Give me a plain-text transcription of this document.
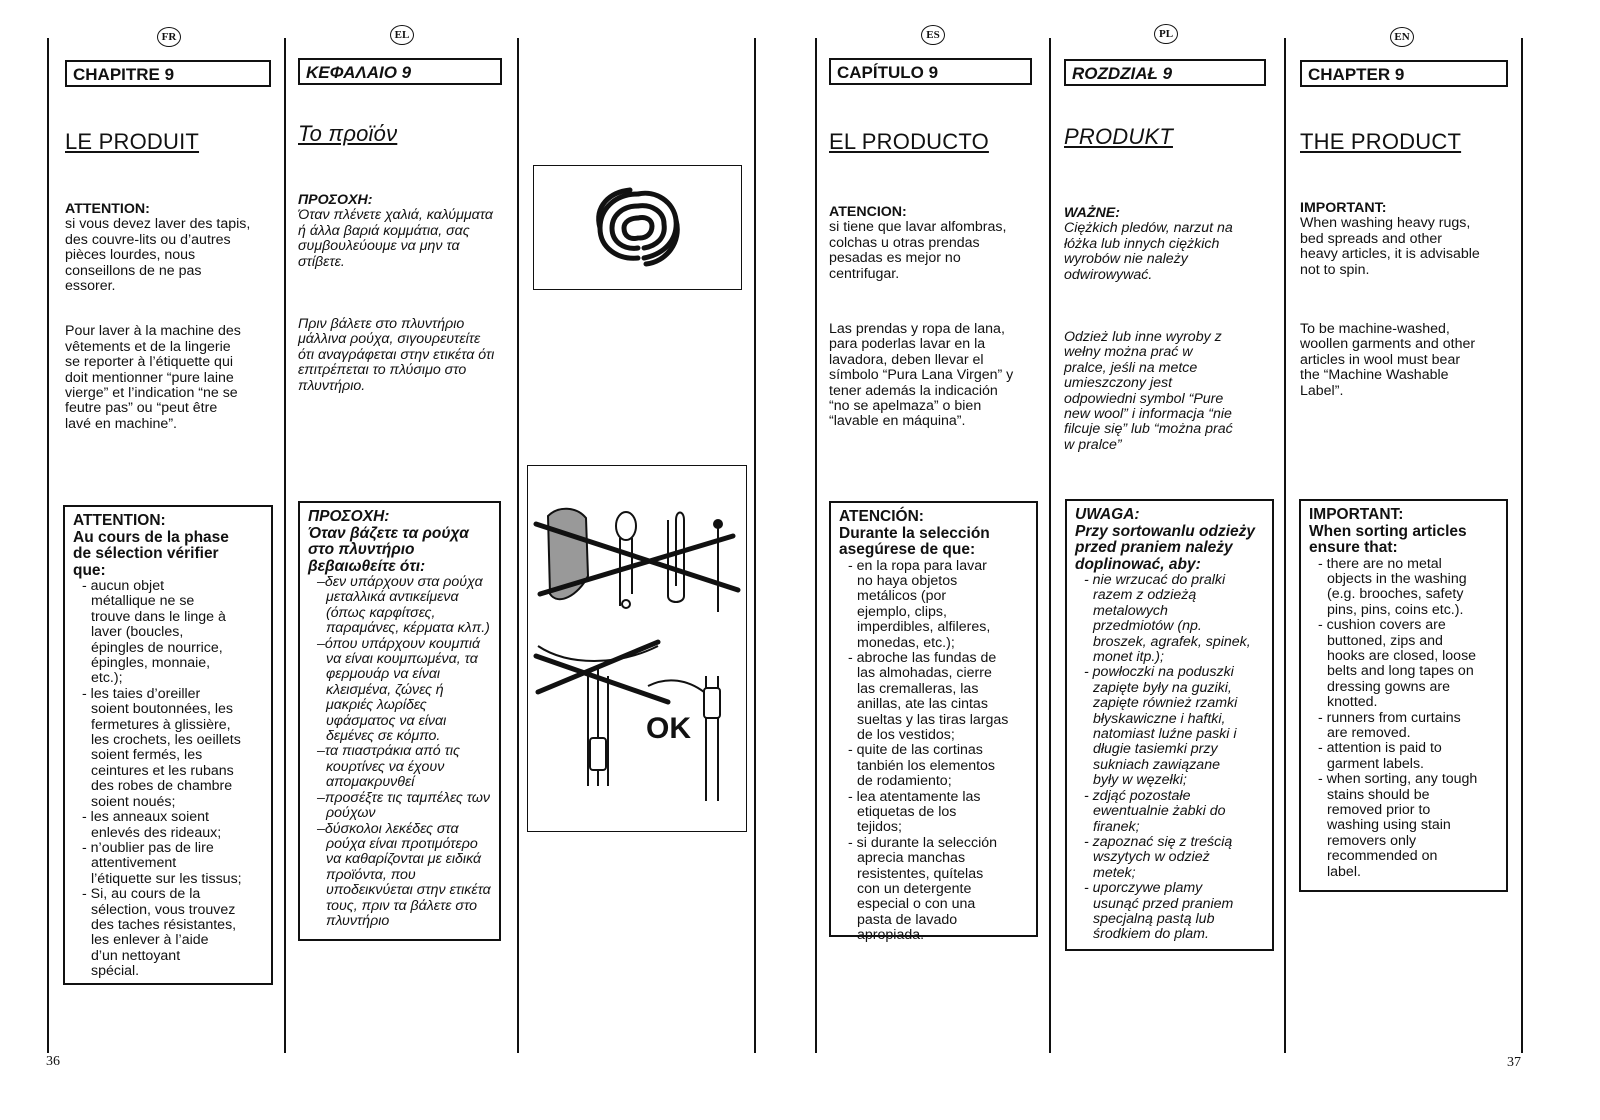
FR	EL	ES	PL	EN
CHAPITRE 9
LE PRODUIT
ATTENTION:
si vous devez laver des tapis,
des couvre-lits ou d’autres
pièces lourdes, nous
conseillons de ne pas
essorer.
Pour laver à la machine des
vêtements et de la lingerie
se reporter à l’étiquette qui
doit mentionner “pure laine
vierge” et l’indication “ne se
feutre pas” ou “peut être
lavé en machine”.
ATTENTION:
Au cours de la phase
de sélection vérifier
que:
- aucun objet
métallique ne se
trouve dans le linge à
laver (boucles,
épingles de nourrice,
épingles, monnaie,
etc.);
- les taies d’oreiller
soient boutonnées, les
fermetures à glissière,
les crochets, les oeillets
soient fermés, les
ceintures et les rubans
des robes de chambre
soient noués;
- les anneaux soient
enlevés des rideaux;
- n’oublier pas de lire
attentivement
l’étiquette sur les tissus;
- Si, au cours de la
sélection, vous trouvez
des taches résistantes,
les enlever à l’aide
d’un nettoyant
spécial.
ΚΕΦΑΛΑΙΟ 9
Το προϊόν
ΠΡΟΣΟΧΗ:
Όταν πλένετε χαλιά, καλύμματα
ή άλλα βαριά κομμάτια, σας
συμβουλεύουμε να μην τα
στίβετε.
Πριν βάλετε στο πλυντήριο
μάλλινα ρούχα, σιγουρευτείτε
ότι αναγράφεται στην ετικέτα ότι
επιτρέπεται το πλύσιμο στο
πλυντήριο.
ΠΡΟΣΟΧΗ:
Όταν βάζετε τα ρούχα
στο πλυντήριο
βεβαιωθείτε ότι:
– δεν υπάρχουν στα ρούχα
μεταλλικά αντικείμενα
(όπως καρφίτσες,
παραμάνες, κέρματα κλπ.)
– όπου υπάρχουν κουμπιά
να είναι κουμπωμένα, τα
φερμουάρ να είναι
κλεισμένα, ζώνες ή
μακριές λωρίδες
υφάσματος να είναι
δεμένες σε κόμπο.
– τα πιαστράκια από τις
κουρτίνες να έχουν
απομακρυνθεί
– προσέξτε τις ταμπέλες των
ρούχων
– δύσκολοι λεκέδες στα
ρούχα είναι προτιμότερο
να καθαρίζονται με ειδικά
προϊόντα, που
υποδεικνύεται στην ετικέτα
τους, πριν τα βάλετε στο
πλυντήριο
OK
CAPÍTULO 9
EL PRODUCTO
ATENCION:
si tiene que lavar alfombras,
colchas u otras prendas
pesadas es mejor no
centrifugar.
Las prendas y ropa de lana,
para poderlas lavar en la
lavadora, deben llevar el
símbolo “Pura Lana Virgen” y
tener además la indicación
“no se apelmaza” o bien
“lavable en máquina”.
ATENCIÓN:
Durante la selección
asegúrese de que:
- en la ropa para lavar
no haya objetos
metálicos (por
ejemplo, clips,
imperdibles, alfileres,
monedas, etc.);
- abroche las fundas de
las almohadas, cierre
las cremalleras, las
anillas, ate las cintas
sueltas y las tiras largas
de los vestidos;
- quite de las cortinas
tanbién los elementos
de rodamiento;
- lea atentamente las
etiquetas de los
tejidos;
- si durante la selección
aprecia manchas
resistentes, quítelas
con un detergente
especial o con una
pasta de lavado
apropiada.
ROZDZIAŁ 9
PRODUKT
WAŻNE:
Ciężkich pledów, narzut na
łóżka lub innych ciężkich
wyrobów nie należy
odwirowywać.
Odzież lub inne wyroby z
wełny można prać w
pralce, jeśli na metce
umieszczony jest
odpowiedni symbol “Pure
new wool” i informacja “nie
filcuje się” lub “można prać
w pralce”
UWAGA:
Przy sortowanlu odzieży
przed praniem należy
doplinować, aby:
- nie wrzucać do pralki
razem z odzieżą
metalowych
przedmiotów (np.
broszek, agrafek, spinek,
monet itp.);
- powłoczki na poduszki
zapięte były na guziki,
zapięte również rzamki
błyskawiczne i haftki,
natomiast luźne paski i
długie tasiemki przy
sukniach zawiązane
były w węzełki;
- zdjąć pozostałe
ewentualnie żabki do
firanek;
- zapoznać się z treścią
wszytych w odzież
metek;
- uporczywe plamy
usunąć przed praniem
specjalną pastą lub
środkiem do plam.
CHAPTER 9
THE PRODUCT
IMPORTANT:
When washing heavy rugs,
bed spreads and other
heavy articles, it is advisable
not to spin.
To be machine-washed,
woollen garments and other
articles in wool must bear
the “Machine Washable
Label”.
IMPORTANT:
When sorting articles
ensure that:
- there are no metal
objects in the washing
(e.g. brooches, safety
pins, pins, coins etc.).
- cushion covers are
buttoned, zips and
hooks are closed, loose
belts and long tapes on
dressing gowns are
knotted.
- runners from curtains
are removed.
- attention is paid to
garment labels.
- when sorting, any tough
stains should be
removed prior to
washing using stain
removers only
recommended on
label.
36	37
